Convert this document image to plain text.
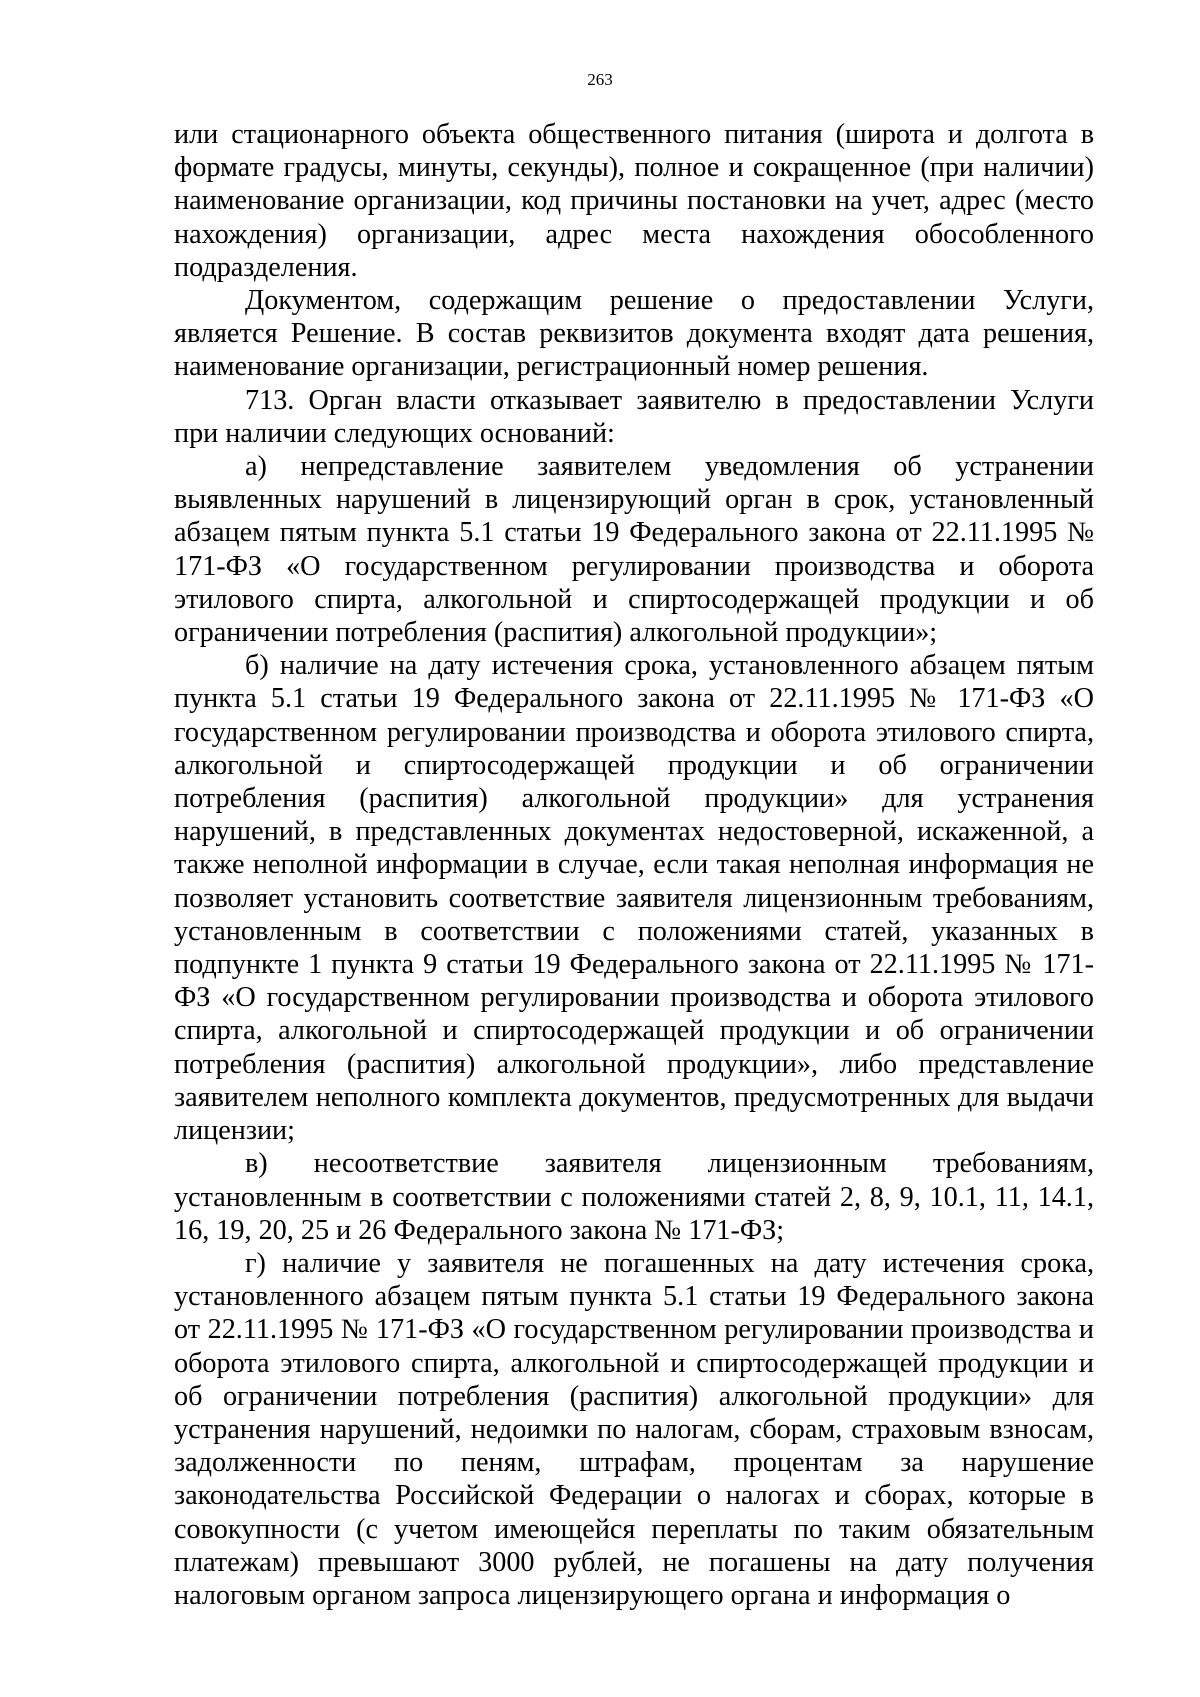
263

или стационарного объекта общественного питания (широта и долгота в формате градусы, минуты, секунды), полное и сокращенное (при наличии) наименование организации, код причины постановки на учет, адрес (место нахождения) организации, адрес места нахождения обособленного подразделения.

Документом, содержащим решение о предоставлении Услуги, является Решение. В состав реквизитов документа входят дата решения, наименование организации, регистрационный номер решения.

713. Орган власти отказывает заявителю в предоставлении Услуги при наличии следующих оснований:

а) непредставление заявителем уведомления об устранении выявленных нарушений в лицензирующий орган в срок, установленный абзацем пятым пункта 5.1 статьи 19 Федерального закона от 22.11.1995 № 171-ФЗ «О государственном регулировании производства и оборота этилового спирта, алкогольной и спиртосодержащей продукции и об ограничении потребления (распития) алкогольной продукции»;

б) наличие на дату истечения срока, установленного абзацем пятым пункта 5.1 статьи 19 Федерального закона от 22.11.1995 № 171-ФЗ «О государственном регулировании производства и оборота этилового спирта, алкогольной и спиртосодержащей продукции и об ограничении потребления (распития) алкогольной продукции» для устранения нарушений, в представленных документах недостоверной, искаженной, а также неполной информации в случае, если такая неполная информация не позволяет установить соответствие заявителя лицензионным требованиям, установленным в соответствии с положениями статей, указанных в подпункте 1 пункта 9 статьи 19 Федерального закона от 22.11.1995 № 171-ФЗ «О государственном регулировании производства и оборота этилового спирта, алкогольной и спиртосодержащей продукции и об ограничении потребления (распития) алкогольной продукции», либо представление заявителем неполного комплекта документов, предусмотренных для выдачи лицензии;

в) несоответствие заявителя лицензионным требованиям, установленным в соответствии с положениями статей 2, 8, 9, 10.1, 11, 14.1, 16, 19, 20, 25 и 26 Федерального закона № 171-ФЗ;

г) наличие у заявителя не погашенных на дату истечения срока, установленного абзацем пятым пункта 5.1 статьи 19 Федерального закона от 22.11.1995 № 171-ФЗ «О государственном регулировании производства и оборота этилового спирта, алкогольной и спиртосодержащей продукции и об ограничении потребления (распития) алкогольной продукции» для устранения нарушений, недоимки по налогам, сборам, страховым взносам, задолженности по пеням, штрафам, процентам за нарушение законодательства Российской Федерации о налогах и сборах, которые в совокупности (с учетом имеющейся переплаты по таким обязательным платежам) превышают 3000 рублей, не погашены на дату получения налоговым органом запроса лицензирующего органа и информация о
